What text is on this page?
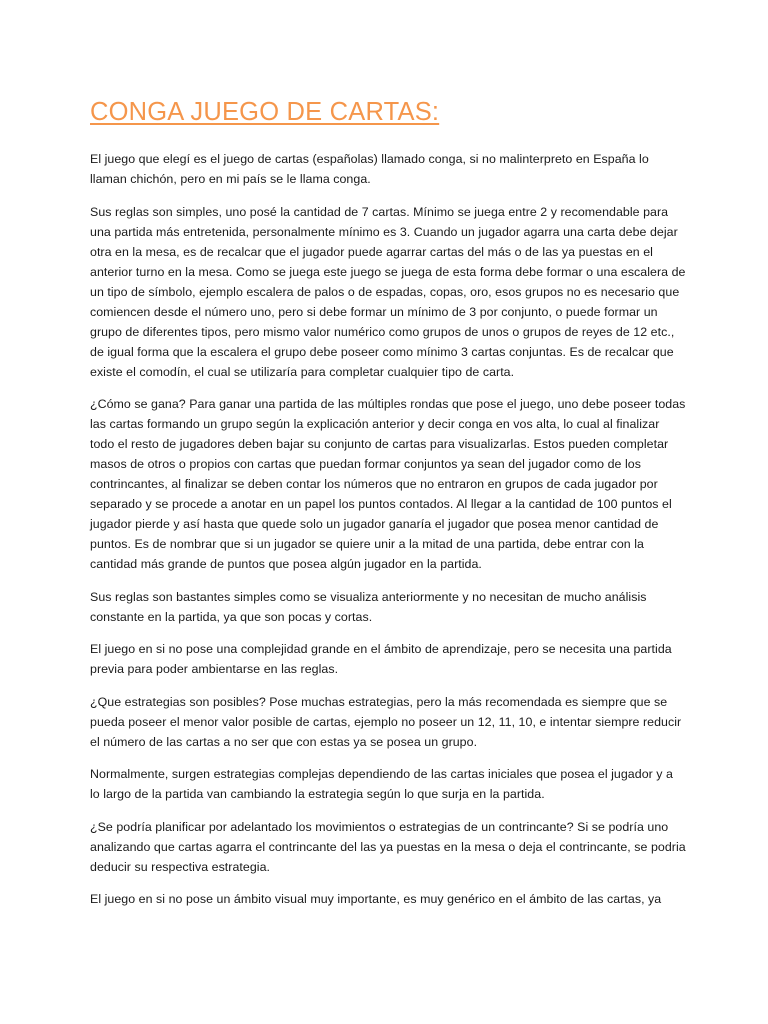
CONGA JUEGO DE CARTAS:

El juego que elegí es el juego de cartas (españolas) llamado conga, si no malinterpreto en España lo llaman chichón, pero en mi país se le llama conga.

Sus reglas son simples, uno posé la cantidad de 7 cartas. Mínimo se juega entre 2 y recomendable para una partida más entretenida, personalmente mínimo es 3. Cuando un jugador agarra una carta debe dejar otra en la mesa, es de recalcar que el jugador puede agarrar cartas del más o de las ya puestas en el anterior turno en la mesa. Como se juega este juego se juega de esta forma debe formar o una escalera de un tipo de símbolo, ejemplo escalera de palos o de espadas, copas, oro, esos grupos no es necesario que comiencen desde el número uno, pero si debe formar un mínimo de 3 por conjunto, o puede formar un grupo de diferentes tipos, pero mismo valor numérico como grupos de unos o grupos de reyes de 12 etc., de igual forma que la escalera el grupo debe poseer como mínimo 3 cartas conjuntas. Es de recalcar que existe el comodín, el cual se utilizaría para completar cualquier tipo de carta.

¿Cómo se gana? Para ganar una partida de las múltiples rondas que pose el juego, uno debe poseer todas las cartas formando un grupo según la explicación anterior y decir conga en vos alta, lo cual al finalizar todo el resto de jugadores deben bajar su conjunto de cartas para visualizarlas. Estos pueden completar masos de otros o propios con cartas que puedan formar conjuntos ya sean del jugador como de los contrincantes, al finalizar se deben contar los números que no entraron en grupos de cada jugador por separado y se procede a anotar en un papel los puntos contados. Al llegar a la cantidad de 100 puntos el jugador pierde y así hasta que quede solo un jugador ganaría el jugador que posea menor cantidad de puntos. Es de nombrar que si un jugador se quiere unir a la mitad de una partida, debe entrar con la cantidad más grande de puntos que posea algún jugador en la partida.

Sus reglas son bastantes simples como se visualiza anteriormente y no necesitan de mucho análisis constante en la partida, ya que son pocas y cortas.

El juego en si no pose una complejidad grande en el ámbito de aprendizaje, pero se necesita una partida previa para poder ambientarse en las reglas.

¿Que estrategias son posibles? Pose muchas estrategias, pero la más recomendada es siempre que se pueda poseer el menor valor posible de cartas, ejemplo no poseer un 12, 11, 10, e intentar siempre reducir el número de las cartas a no ser que con estas ya se posea un grupo.

Normalmente, surgen estrategias complejas dependiendo de las cartas iniciales que posea el jugador y a lo largo de la partida van cambiando la estrategia según lo que surja en la partida.

¿Se podría planificar por adelantado los movimientos o estrategias de un contrincante? Si se podría uno analizando que cartas agarra el contrincante del las ya puestas en la mesa o deja el contrincante, se podria deducir su respectiva estrategia.

El juego en si no pose un ámbito visual muy importante, es muy genérico en el ámbito de las cartas, ya
